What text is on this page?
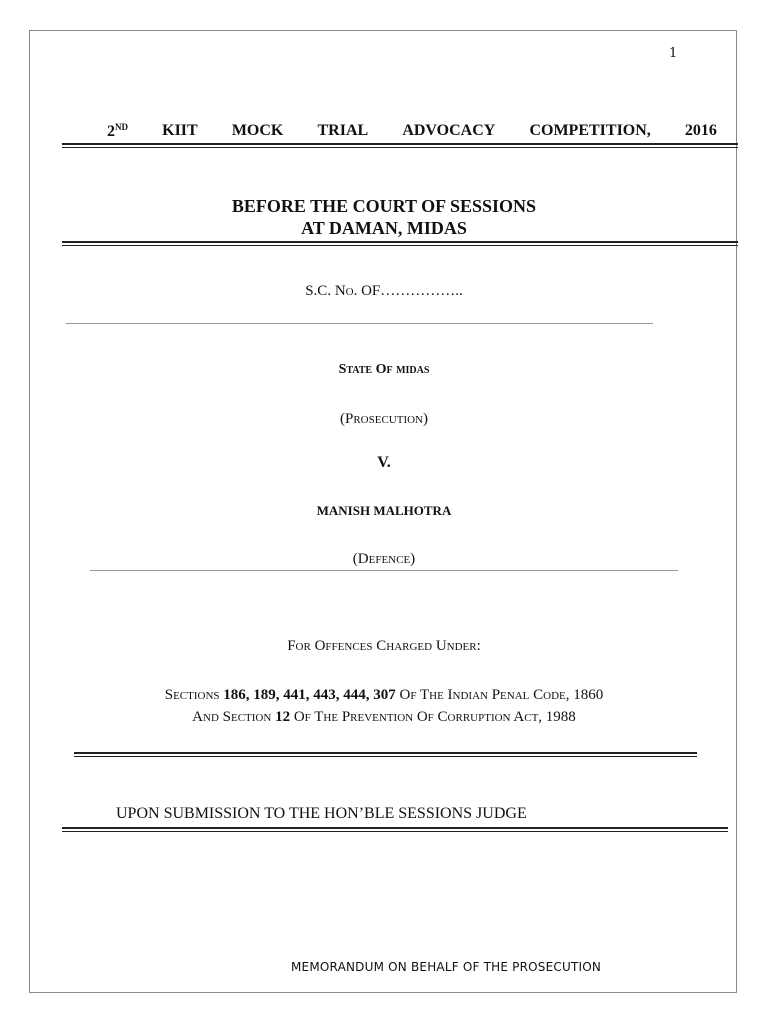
1
2ND KIIT MOCK TRIAL ADVOCACY COMPETITION, 2016
BEFORE THE COURT OF SESSIONS
AT DAMAN, MIDAS
S.C. No. OF……………..
State Of midas
(Prosecution)
V.
MANISH MALHOTRA
(Defence)
For Offences Charged Under:
Sections 186, 189, 441, 443, 444, 307 Of The Indian Penal Code, 1860
And Section 12 Of The Prevention Of Corruption Act, 1988
UPON SUBMISSION TO THE HON’BLE SESSIONS JUDGE
MEMORANDUM ON BEHALF OF THE PROSECUTION
